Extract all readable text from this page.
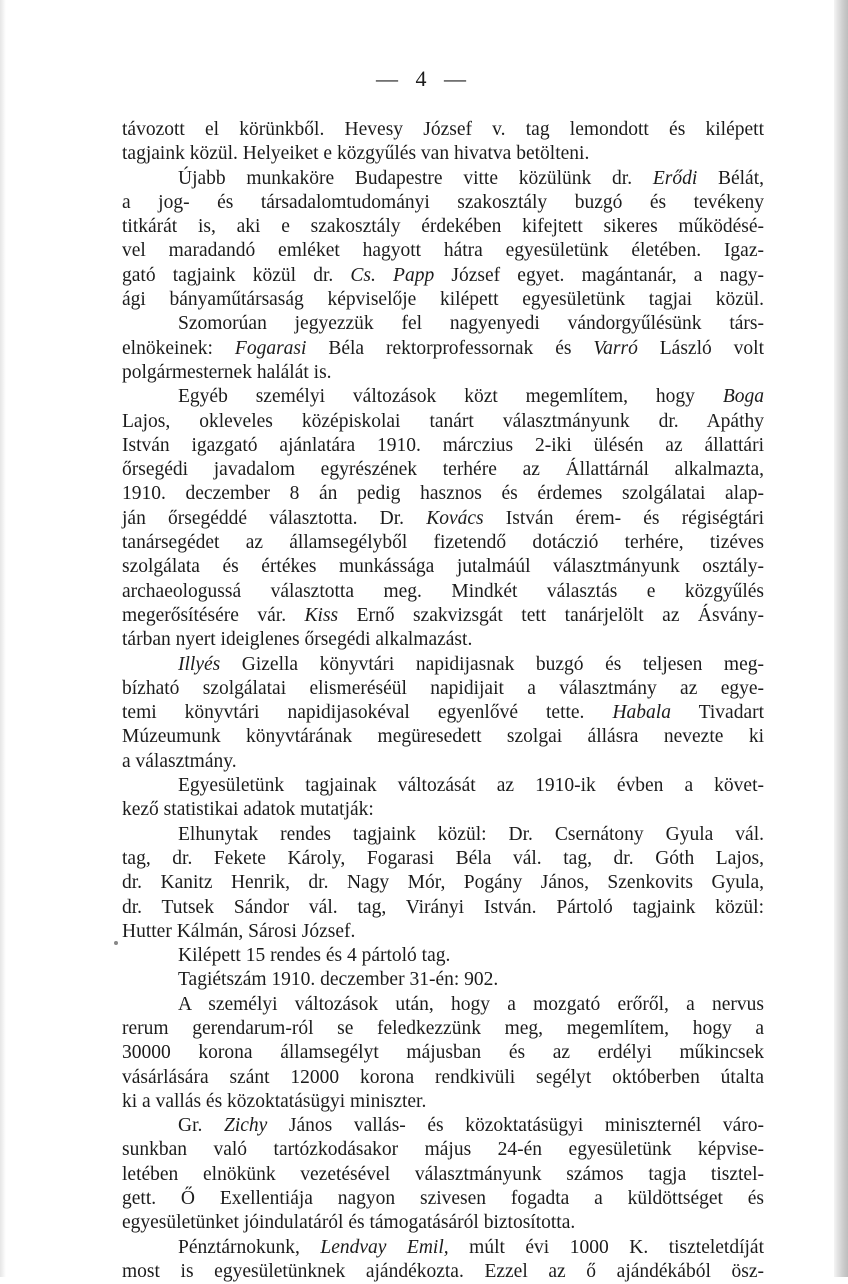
— 4 —
távozott el körünkből. Hevesy József v. tag lemondott és kilépett
tagjaink közül. Helyeiket e közgyűlés van hivatva betölteni.
Újabb munkaköre Budapestre vitte közülünk dr. Erődi Bélát,
a jog- és társadalomtudományi szakosztály buzgó és tevékeny
titkárát is, aki e szakosztály érdekében kifejtett sikeres működésé-
vel maradandó emléket hagyott hátra egyesületünk életében. Igaz-
gató tagjaink közül dr. Cs. Papp József egyet. magántanár, a nagy-
ági bányaműtársaság képviselője kilépett egyesületünk tagjai közül.
Szomorúan jegyezzük fel nagyenyedi vándorgyűlésünk társ-
elnökeinek: Fogarasi Béla rektorprofessornak és Varró László volt
polgármesternek halálát is.
Egyéb személyi változások közt megemlítem, hogy Boga
Lajos, okleveles középiskolai tanárt választmányunk dr. Apáthy
István igazgató ajánlatára 1910. márczius 2-iki ülésén az állattári
őrsegédi javadalom egyrészének terhére az Állattárnál alkalmazta,
1910. deczember 8 án pedig hasznos és érdemes szolgálatai alap-
ján őrsegéddé választotta. Dr. Kovács István érem- és régiségtári
tanársegédet az államsegélyből fizetendő dotáczió terhére, tizéves
szolgálata és értékes munkássága jutalmáúl választmányunk osztály-
archaeologussá választotta meg. Mindkét választás e közgyűlés
megerősítésére vár. Kiss Ernő szakvizsgát tett tanárjelölt az Ásvány-
tárban nyert ideiglenes őrsegédi alkalmazást.
Illyés Gizella könyvtári napidijasnak buzgó és teljesen meg-
bízható szolgálatai elismeréséül napidijait a választmány az egye-
temi könyvtári napidijasokéval egyenlővé tette. Habala Tivadart
Múzeumunk könyvtárának megüresedett szolgai állásra nevezte ki
a választmány.
Egyesületünk tagjainak változását az 1910-ik évben a követ-
kező statistikai adatok mutatják:
Elhunytak rendes tagjaink közül: Dr. Csernátony Gyula vál.
tag, dr. Fekete Károly, Fogarasi Béla vál. tag, dr. Góth Lajos,
dr. Kanitz Henrik, dr. Nagy Mór, Pogány János, Szenkovits Gyula,
dr. Tutsek Sándor vál. tag, Virányi István. Pártoló tagjaink közül:
Hutter Kálmán, Sárosi József.
Kilépett 15 rendes és 4 pártoló tag.
Tagiétszám 1910. deczember 31-én: 902.
A személyi változások után, hogy a mozgató erőről, a nervus
rerum gerendarum-ról se feledkezzünk meg, megemlítem, hogy a
30000 korona államsegélyt májusban és az erdélyi műkincsek
vásárlására szánt 12000 korona rendkivüli segélyt októberben útalta
ki a vallás és közoktatásügyi miniszter.
Gr. Zichy János vallás- és közoktatásügyi miniszternél váro-
sunkban való tartózkodásakor május 24-én egyesületünk képvise-
letében elnökünk vezetésével választmányunk számos tagja tisztel-
gett. Ő Exellentiája nagyon szivesen fogadta a küldöttséget és
egyesületünket jóindulatáról és támogatásáról biztosította.
Pénztárnokunk, Lendvay Emil, múlt évi 1000 K. tiszteletdíját
most is egyesületünknek ajándékozta. Ezzel az ő ajándékából ösz-
